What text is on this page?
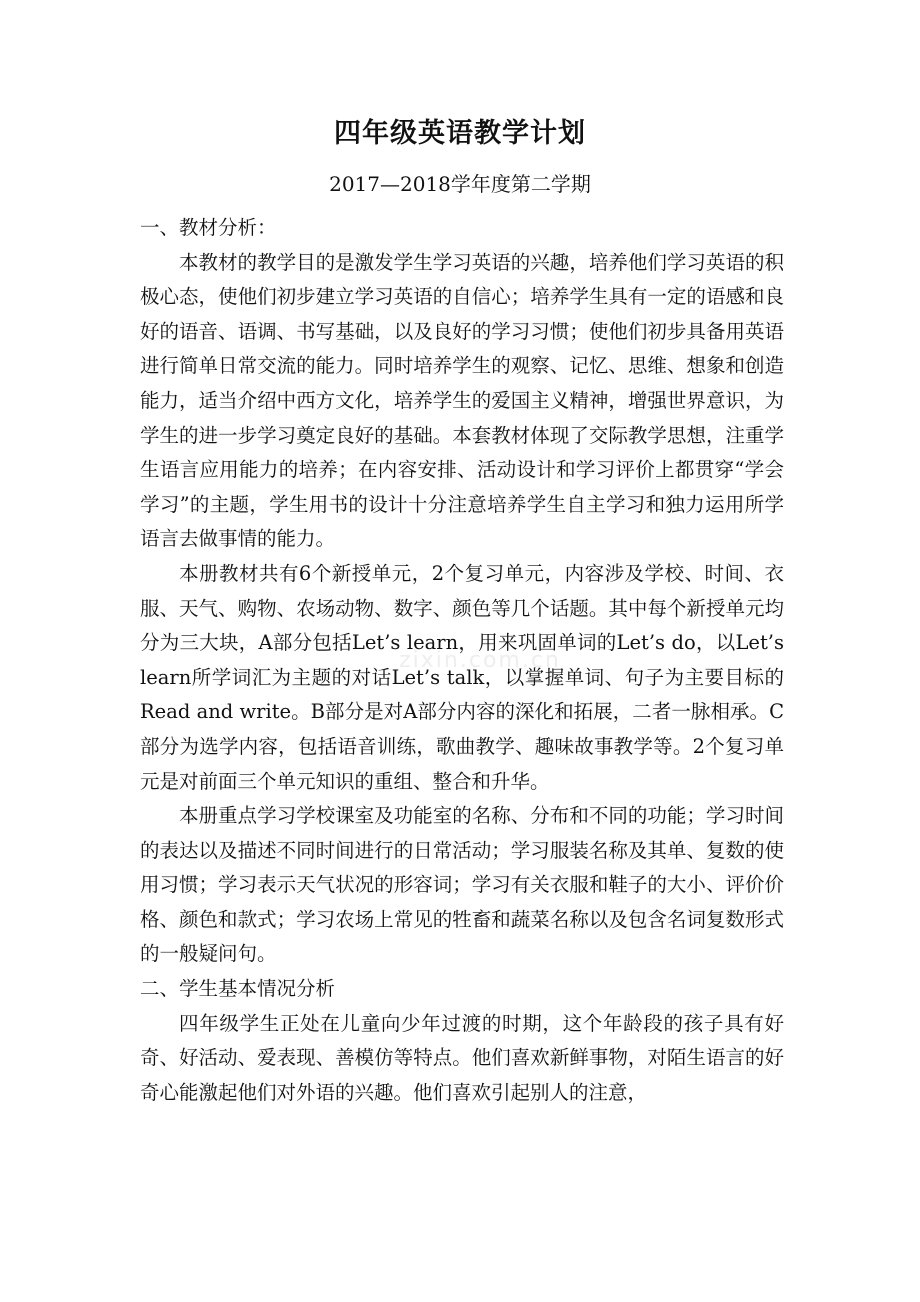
四年级英语教学计划
2017—2018学年度第二学期
zixin.com.cn

一、教材分析：

本教材的教学目的是激发学生学习英语的兴趣，培养他们学习英语的积极心态，使他们初步建立学习英语的自信心；培养学生具有一定的语感和良好的语音、语调、书写基础，以及良好的学习习惯；使他们初步具备用英语进行简单日常交流的能力。同时培养学生的观察、记忆、思维、想象和创造能力，适当介绍中西方文化，培养学生的爱国主义精神，增强世界意识，为学生的进一步学习奠定良好的基础。本套教材体现了交际教学思想，注重学生语言应用能力的培养；在内容安排、活动设计和学习评价上都贯穿“学会学习”的主题，学生用书的设计十分注意培养学生自主学习和独力运用所学语言去做事情的能力。

本册教材共有6个新授单元，2个复习单元，内容涉及学校、时间、衣服、天气、购物、农场动物、数字、颜色等几个话题。其中每个新授单元均分为三大块，A部分包括Let’s learn，用来巩固单词的Let’s do，以Let’s learn所学词汇为主题的对话Let’s talk，以掌握单词、句子为主要目标的Read and write。B部分是对A部分内容的深化和拓展，二者一脉相承。C部分为选学内容，包括语音训练，歌曲教学、趣味故事教学等。2个复习单元是对前面三个单元知识的重组、整合和升华。

本册重点学习学校课室及功能室的名称、分布和不同的功能；学习时间的表达以及描述不同时间进行的日常活动；学习服装名称及其单、复数的使用习惯；学习表示天气状况的形容词；学习有关衣服和鞋子的大小、评价价格、颜色和款式；学习农场上常见的牲畜和蔬菜名称以及包含名词复数形式的一般疑问句。

二、学生基本情况分析

四年级学生正处在儿童向少年过渡的时期，这个年龄段的孩子具有好奇、好活动、爱表现、善模仿等特点。他们喜欢新鲜事物，对陌生语言的好奇心能激起他们对外语的兴趣。他们喜欢引起别人的注意，
